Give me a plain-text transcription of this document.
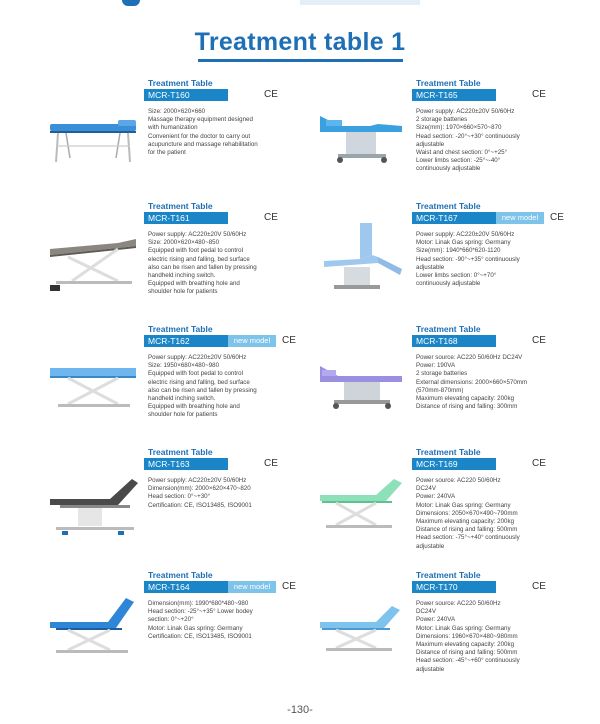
Treatment table 1
Treatment Table
MCR-T160	CE
Size: 2000×620×660
Massage therapy equipment designed
with humanization
Convenient for the doctor to carry out
acupuncture and massage rehabilitation
for the patient
Treatment Table
MCR-T165	CE
Power supply: AC220±20V 50/60Hz
2 storage batteries
Size(mm): 1970×660×570~870
Head section: -20°~+30° continuously
adjustable
Waist and chest section: 0°~+25°
Lower limbs section: -25°~-40°
continuously adjustable
Treatment Table
MCR-T161	CE
Power supply: AC220±20V 50/60Hz
Size: 2000×620×480~850
Equipped with foot pedal to control
electric rising and falling, bed surface
also can be risen and fallen by pressing
handheld inching switch.
Equipped with breathing hole and
shoulder hole for patients
Treatment Table
MCR-T167	new model	CE
Power supply: AC220±20V 50/60Hz
Motor: Linak Gas spring: Germany
Size(mm): 1940*660*620-1120
Head section: -90°~+35° continuously
adjustable
Lower limbs section: 0°~+70°
continuously adjustable
Treatment Table
MCR-T162	new model	CE
Power supply: AC220±20V 50/60Hz
Size: 1950×680×480~980
Equipped with foot pedal to control
electric rising and falling, bed surface
also can be risen and fallen by pressing
handheld inching switch.
Equipped with breathing hole and
shoulder hole for patients
Treatment Table
MCR-T168	CE
Power source: AC220 50/60Hz DC24V
Power: 190VA
2 storage batteries
External dimensions: 2000×660×570mm
(570mm-870mm)
Maximum elevating capacity: 200kg
Distance of rising and falling: 300mm
Treatment Table
MCR-T163	CE
Power supply: AC220±20V 50/60Hz
Dimension(mm): 2000×620×470~820
Head section: 0°~+30°
Certification: CE, ISO13485, ISO9001
Treatment Table
MCR-T169	CE
Power source: AC220 50/60Hz
DC24V
Power: 240VA
Motor: Linak Gas spring: Germany
Dimensions: 2050×670×490~790mm
Maximum elevating capacity: 200kg
Distance of rising and falling: 500mm
Head section: -75°~+40° continuously
adjustable
Treatment Table
MCR-T164	new model	CE
Dimension(mm): 1990*680*480~980
Head section: -25°~+35° Lower bodey
section: 0°~+20°
Motor: Linak Gas spring: Germany
Certification: CE, ISO13485, ISO9001
Treatment Table
MCR-T170	CE
Power source: AC220 50/60Hz
DC24V
Power: 240VA
Motor: Linak Gas spring: Germany
Dimensions: 1960×670×480~980mm
Maximum elevating capacity: 200kg
Distance of rising and falling: 500mm
Head section: -45°~+60° continuously
adjustable
-130-
